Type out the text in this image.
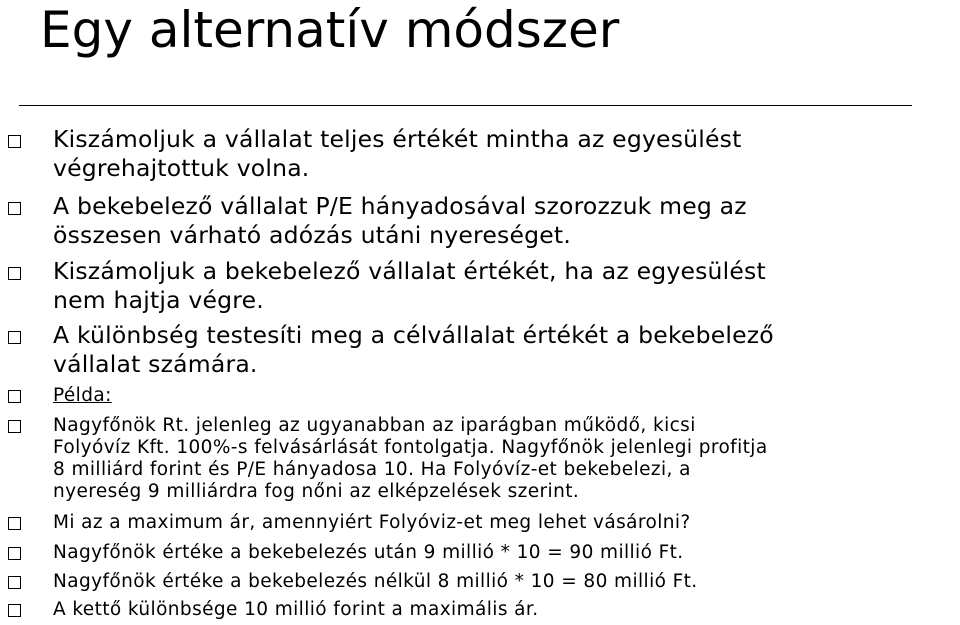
Egy alternatív módszer
Kiszámoljuk a vállalat teljes értékét mintha az egyesülést
végrehajtottuk volna.
A bekebelező vállalat P/E hányadosával szorozzuk meg az
összesen várható adózás utáni nyereséget.
Kiszámoljuk a bekebelező vállalat értékét, ha az egyesülést
nem hajtja végre.
A különbség testesíti meg a célvállalat értékét a bekebelező
vállalat számára.
Példa:
Nagyfőnök Rt. jelenleg az ugyanabban az iparágban működő, kicsi
Folyóvíz Kft. 100%-s felvásárlását fontolgatja. Nagyfőnök jelenlegi profitja
8 milliárd forint és P/E hányadosa 10. Ha Folyóvíz-et bekebelezi, a
nyereség 9 milliárdra fog nőni az elképzelések szerint.
Mi az a maximum ár, amennyiért Folyóviz-et meg lehet vásárolni?
Nagyfőnök értéke a bekebelezés után 9 millió * 10 = 90 millió Ft.
Nagyfőnök értéke a bekebelezés nélkül 8 millió * 10 = 80 millió Ft.
A kettő különbsége 10 millió forint a maximális ár.
